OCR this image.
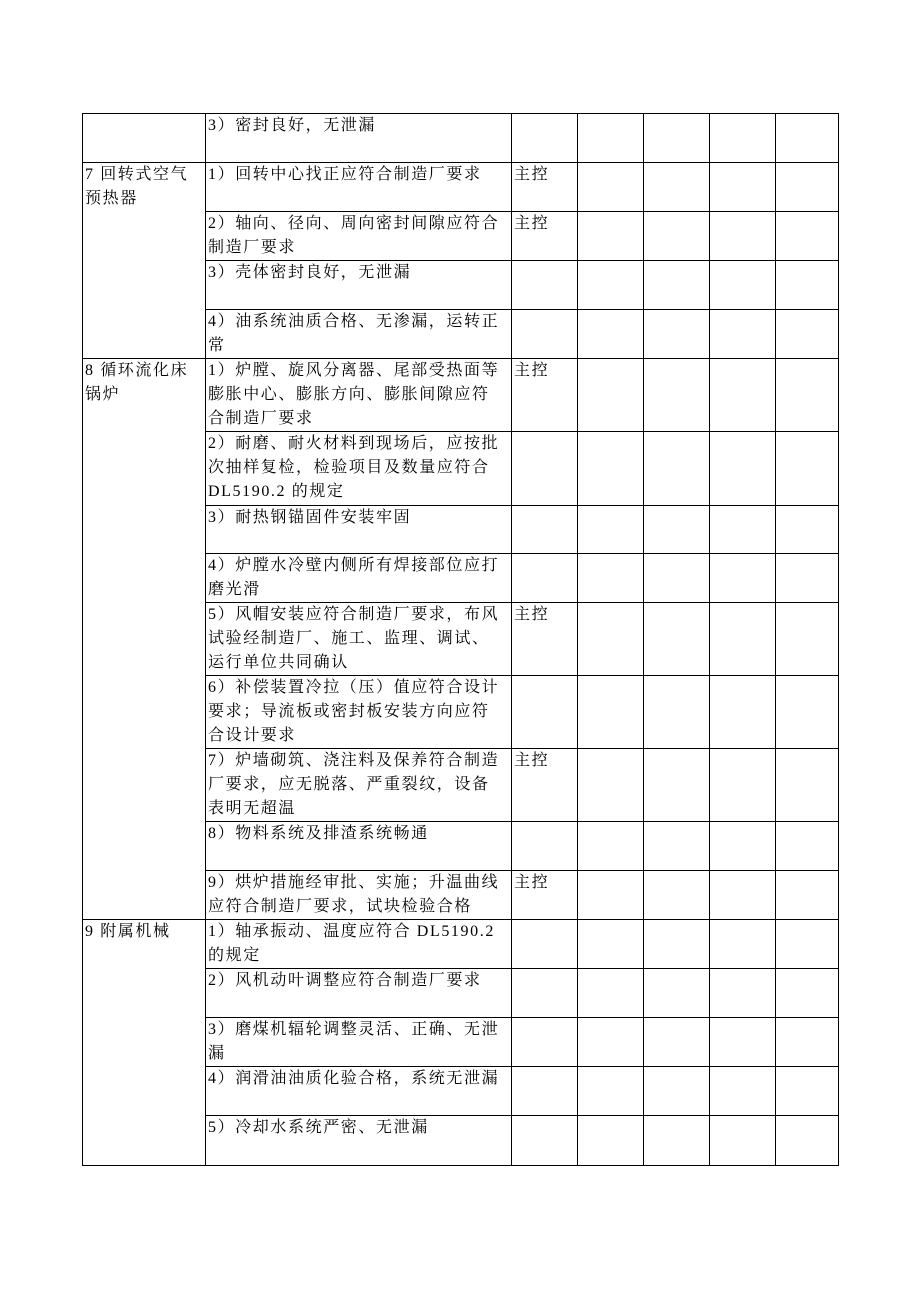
	3）密封良好，无泄漏					
7 回转式空气预热器	1）回转中心找正应符合制造厂要求	主控				
	2）轴向、径向、周向密封间隙应符合制造厂要求	主控				
	3）壳体密封良好，无泄漏					
	4）油系统油质合格、无渗漏，运转正常					
8 循环流化床锅炉	1）炉膛、旋风分离器、尾部受热面等膨胀中心、膨胀方向、膨胀间隙应符合制造厂要求	主控				
	2）耐磨、耐火材料到现场后，应按批次抽样复检，检验项目及数量应符合 DL5190.2 的规定					
	3）耐热钢锚固件安装牢固					
	4）炉膛水冷壁内侧所有焊接部位应打磨光滑					
	5）风帽安装应符合制造厂要求，布风试验经制造厂、施工、监理、调试、运行单位共同确认	主控				
	6）补偿装置冷拉（压）值应符合设计要求；导流板或密封板安装方向应符合设计要求					
	7）炉墙砌筑、浇注料及保养符合制造厂要求，应无脱落、严重裂纹，设备表明无超温	主控				
	8）物料系统及排渣系统畅通					
	9）烘炉措施经审批、实施；升温曲线应符合制造厂要求，试块检验合格	主控				
9 附属机械	1）轴承振动、温度应符合 DL5190.2 的规定					
	2）风机动叶调整应符合制造厂要求					
	3）磨煤机辐轮调整灵活、正确、无泄漏					
	4）润滑油油质化验合格，系统无泄漏					
	5）冷却水系统严密、无泄漏					
